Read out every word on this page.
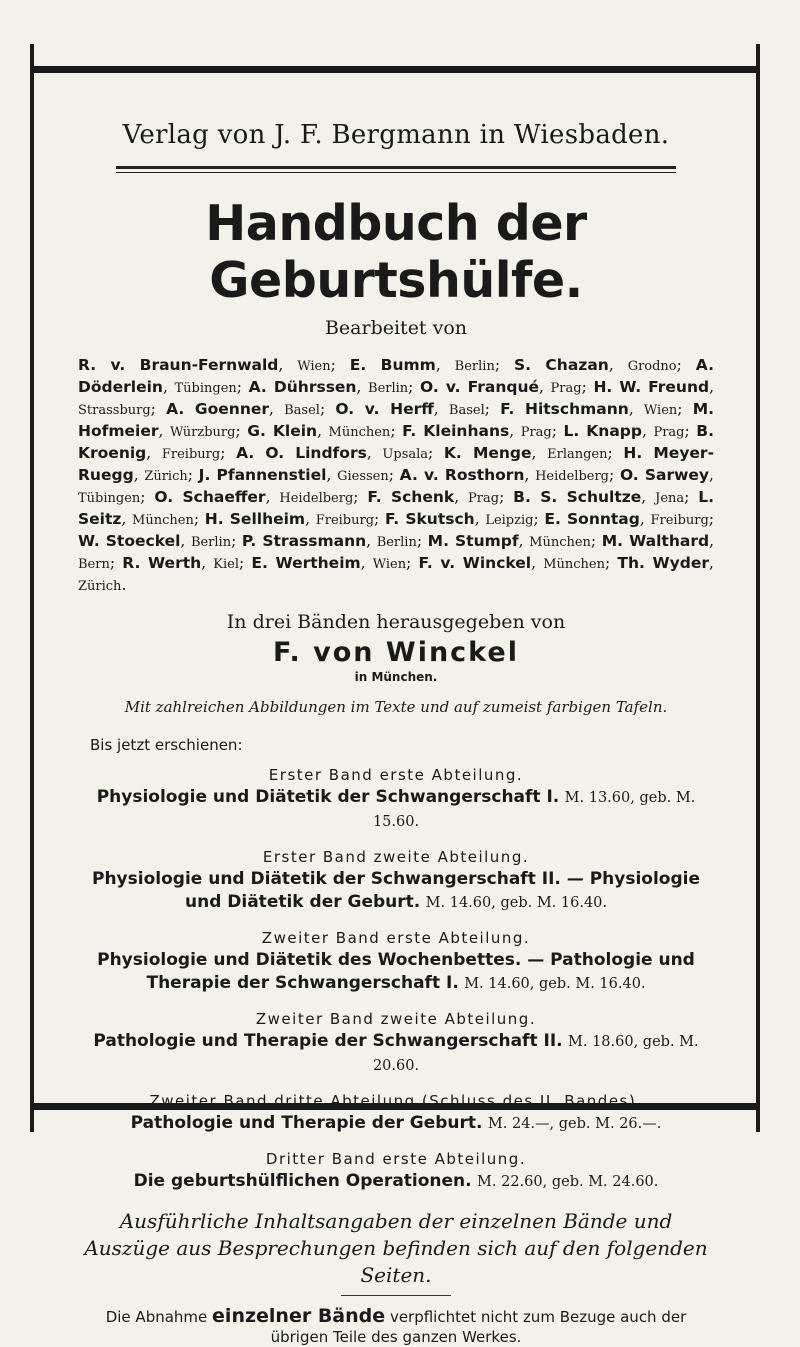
Verlag von J. F. Bergmann in Wiesbaden.

Handbuch der Geburtshülfe.

Bearbeitet von

R. v. Braun-Fernwald, Wien; E. Bumm, Berlin; S. Chazan, Grodno; A. Döderlein, Tübingen; A. Dührssen, Berlin; O. v. Franqué, Prag; H. W. Freund, Strassburg; A. Goenner, Basel; O. v. Herff, Basel; F. Hitschmann, Wien; M. Hofmeier, Würzburg; G. Klein, München; F. Kleinhans, Prag; L. Knapp, Prag; B. Kroenig, Freiburg; A. O. Lindfors, Upsala; K. Menge, Erlangen; H. Meyer-Ruegg, Zürich; J. Pfannenstiel, Giessen; A. v. Rosthorn, Heidelberg; O. Sarwey, Tübingen; O. Schaeffer, Heidelberg; F. Schenk, Prag; B. S. Schultze, Jena; L. Seitz, München; H. Sellheim, Freiburg; F. Skutsch, Leipzig; E. Sonntag, Freiburg; W. Stoeckel, Berlin; P. Strassmann, Berlin; M. Stumpf, München; M. Walthard, Bern; R. Werth, Kiel; E. Wertheim, Wien; F. v. Winckel, München; Th. Wyder, Zürich.

In drei Bänden herausgegeben von

F. von Winckel

in München.

Mit zahlreichen Abbildungen im Texte und auf zumeist farbigen Tafeln.

Bis jetzt erschienen:

Erster Band erste Abteilung.

Physiologie und Diätetik der Schwangerschaft I. M. 13.60, geb. M. 15.60.

Erster Band zweite Abteilung.

Physiologie und Diätetik der Schwangerschaft II. — Physiologie und Diätetik der Geburt. M. 14.60, geb. M. 16.40.

Zweiter Band erste Abteilung.

Physiologie und Diätetik des Wochenbettes. — Pathologie und Therapie der Schwangerschaft I. M. 14.60, geb. M. 16.40.

Zweiter Band zweite Abteilung.

Pathologie und Therapie der Schwangerschaft II. M. 18.60, geb. M. 20.60.

Zweiter Band dritte Abteilung (Schluss des II. Bandes).

Pathologie und Therapie der Geburt. M. 24.—, geb. M. 26.—.

Dritter Band erste Abteilung.

Die geburtshülflichen Operationen. M. 22.60, geb. M. 24.60.

Ausführliche Inhaltsangaben der einzelnen Bände und Auszüge aus Besprechungen befinden sich auf den folgenden Seiten.

Die Abnahme einzelner Bände verpflichtet nicht zum Bezuge auch der übrigen Teile des ganzen Werkes.
